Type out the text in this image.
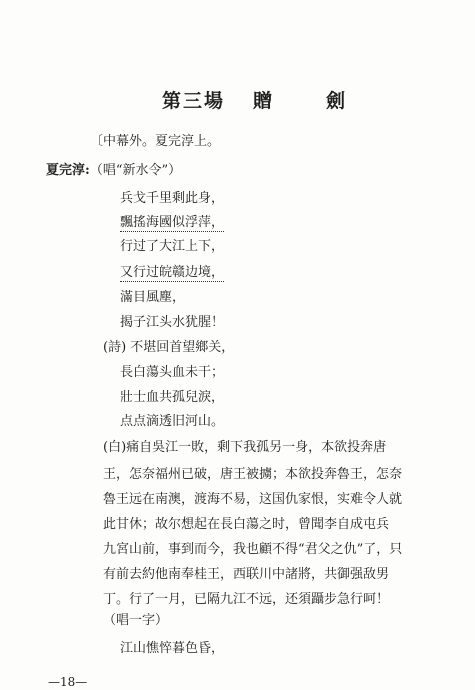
第三場 贈	劍
〔中幕外。夏完淳上。
夏完淳:（唱“新水令”）
兵戈千里剩此身，
飄搖海國似浮萍，
行过了大江上下，
又行过皖赣边境，
滿目風塵，
揭子江头水犹腥！
(詩) 不堪回首望鄉关，
長白蕩头血未干；
壯士血共孤兒淚，
点点滴透旧河山。
(白)痛自吳江一敗，剩下我孤另一身，本欲投奔唐
王，怎奈福州已破，唐王被擄；本欲投奔魯王，怎奈
魯王远在南澳，渡海不易，这国仇家恨，实难令人就
此甘休；故尔想起在長白蕩之时，曾聞李自成屯兵
九宮山前，事到而今，我也顧不得“君父之仇”了，只
有前去約他南奉桂王，西联川中諸將，共御强敌男
丁。行了一月，已隔九江不远，还須躡步急行呵！
（唱一字）
江山憔悴暮色昏，
—18—
